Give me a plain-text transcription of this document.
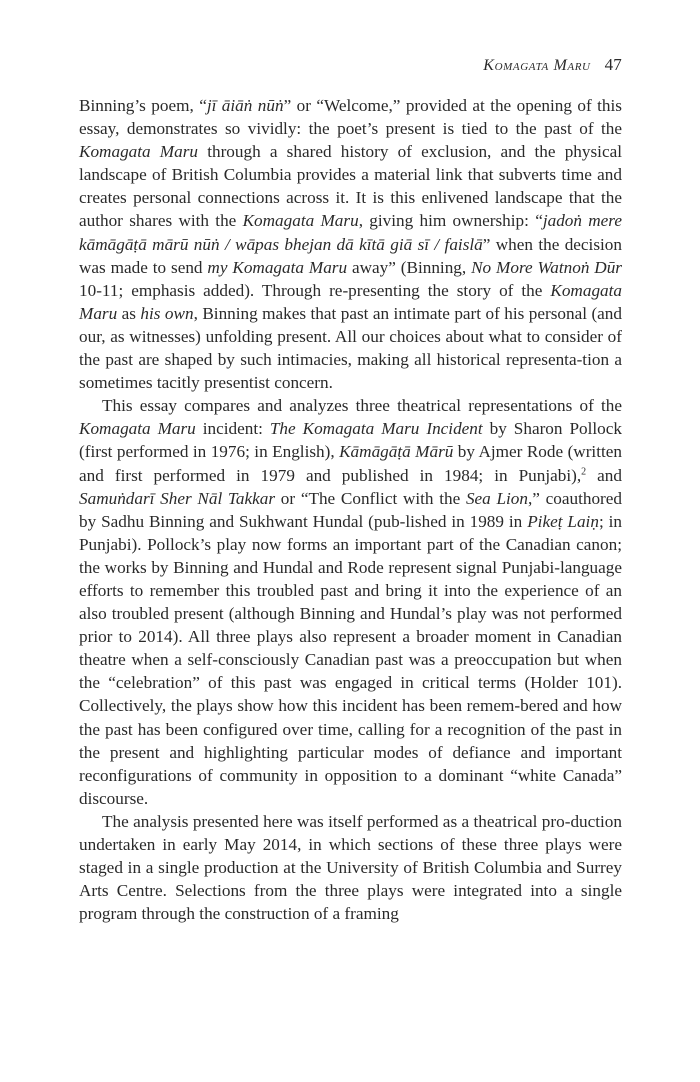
Komagata Maru 47

Binning’s poem, “jī āiāṅ nūṅ” or “Welcome,” provided at the opening of this essay, demonstrates so vividly: the poet’s present is tied to the past of the Komagata Maru through a shared history of exclusion, and the physical landscape of British Columbia provides a material link that subverts time and creates personal connections across it. It is this enlivened landscape that the author shares with the Komagata Maru, giving him ownership: “jadoṅ mere kāmāgāṭā mārū nūṅ / wāpas bhejan dā kītā giā sī / faislā” when the decision was made to send my Komagata Maru away” (Binning, No More Watnoṅ Dūr 10-11; emphasis added). Through re-presenting the story of the Komagata Maru as his own, Binning makes that past an intimate part of his personal (and our, as witnesses) unfolding present. All our choices about what to consider of the past are shaped by such intimacies, making all historical representa-tion a sometimes tacitly presentist concern.

This essay compares and analyzes three theatrical representations of the Komagata Maru incident: The Komagata Maru Incident by Sharon Pollock (first performed in 1976; in English), Kāmāgāṭā Mārū by Ajmer Rode (written and first performed in 1979 and published in 1984; in Punjabi),$^2$ and Samuṅdarī Sher Nāl Takkar or “The Conflict with the Sea Lion,” coauthored by Sadhu Binning and Sukhwant Hundal (pub-lished in 1989 in Pikeṭ Laiṇ; in Punjabi). Pollock’s play now forms an important part of the Canadian canon; the works by Binning and Hundal and Rode represent signal Punjabi-language efforts to remember this troubled past and bring it into the experience of an also troubled present (although Binning and Hundal’s play was not performed prior to 2014). All three plays also represent a broader moment in Canadian theatre when a self-consciously Canadian past was a preoccupation but when the “celebration” of this past was engaged in critical terms (Holder 101). Collectively, the plays show how this incident has been remem-bered and how the past has been configured over time, calling for a recognition of the past in the present and highlighting particular modes of defiance and important reconfigurations of community in opposition to a dominant “white Canada” discourse.

The analysis presented here was itself performed as a theatrical pro-duction undertaken in early May 2014, in which sections of these three plays were staged in a single production at the University of British Columbia and Surrey Arts Centre. Selections from the three plays were integrated into a single program through the construction of a framing
